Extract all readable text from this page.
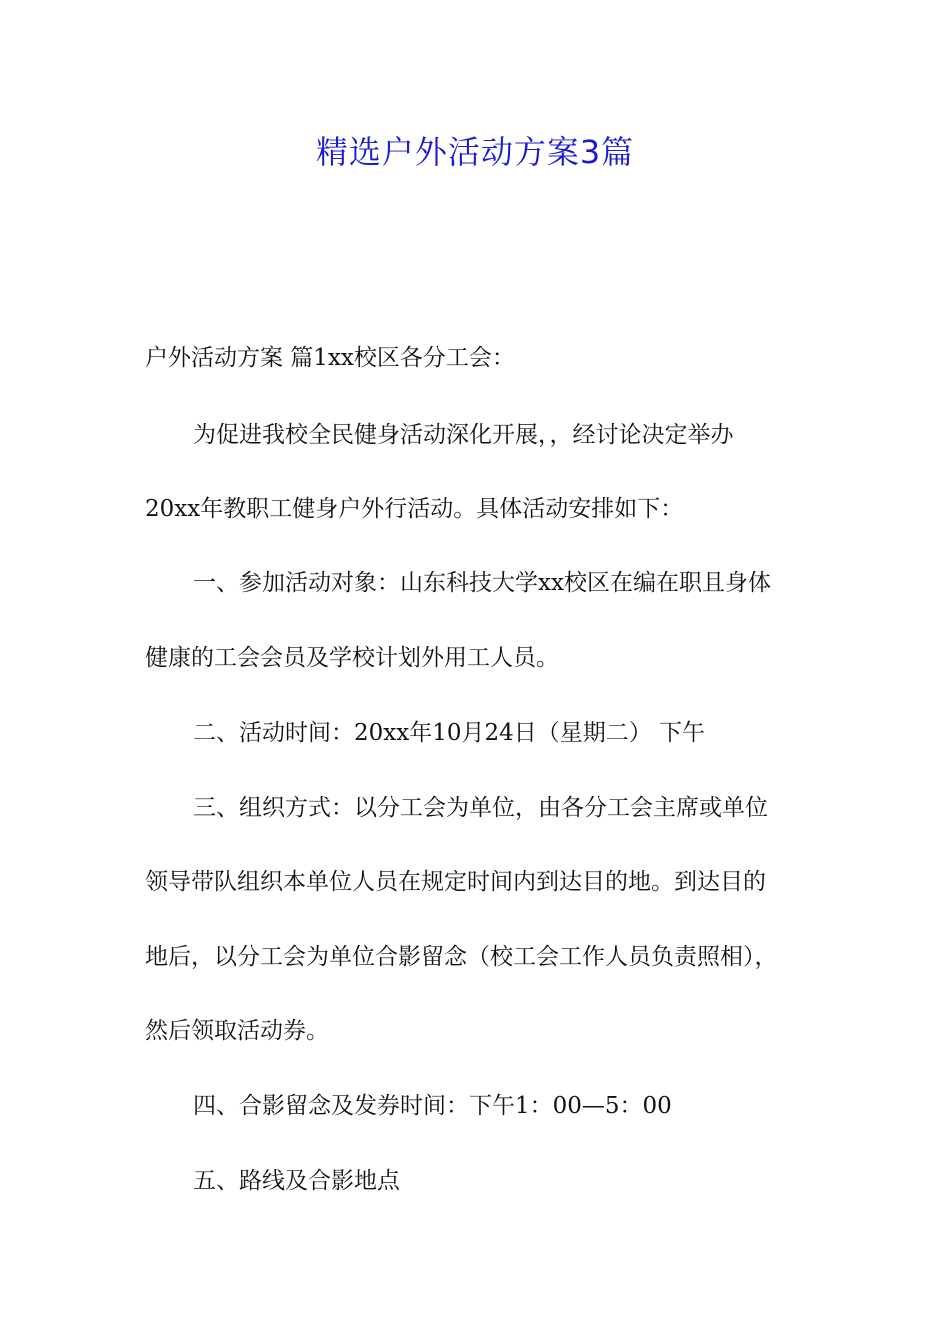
精选户外活动方案3篇

户外活动方案 篇1xx校区各分工会：

为促进我校全民健身活动深化开展，，经讨论决定举办

20xx年教职工健身户外行活动。具体活动安排如下：

一、参加活动对象：山东科技大学xx校区在编在职且身体

健康的工会会员及学校计划外用工人员。

二、活动时间：20xx年10月24日（星期二） 下午

三、组织方式：以分工会为单位，由各分工会主席或单位

领导带队组织本单位人员在规定时间内到达目的地。到达目的

地后，以分工会为单位合影留念（校工会工作人员负责照相），

然后领取活动券。

四、合影留念及发券时间：下午1：00—5：00

五、路线及合影地点
